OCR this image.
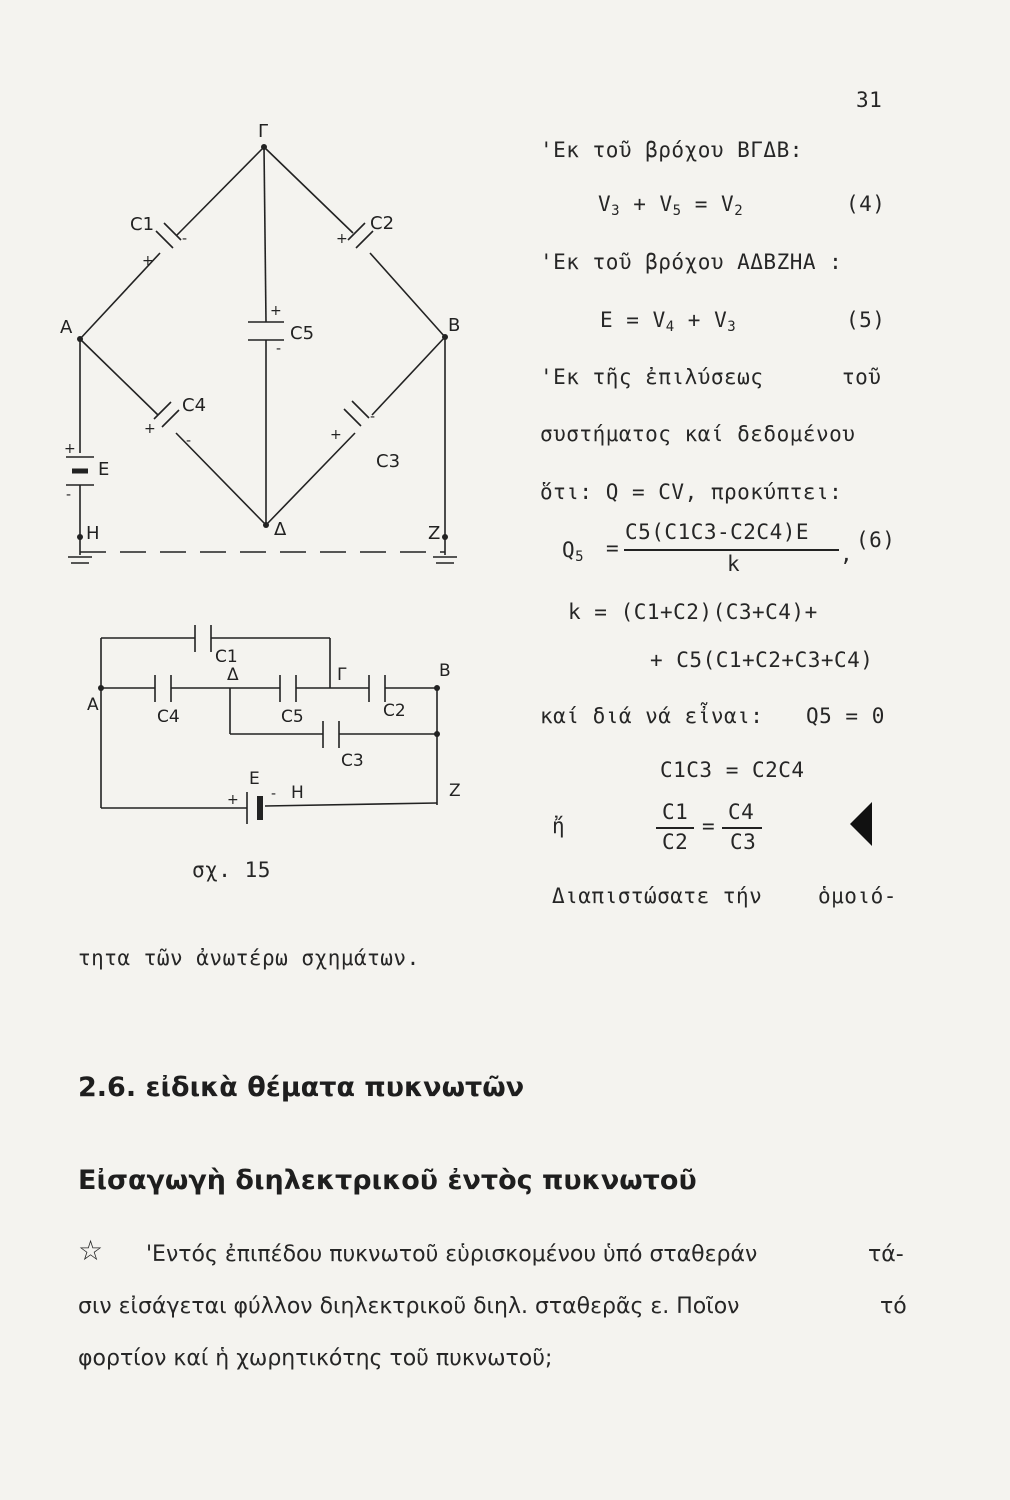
31
Γ
Α	Β
Δ
Ε
Η	Ζ
C1	C2
C5
C4
C3
+
-	+
+
-
+
-	+
-
+
-
A
B
Δ	Γ
E
H	Z
C1
C4	C5	C2
C3
+ -
σχ. 15
'Εκ τοῦ βρόχου ΒΓΔΒ:
$V_3 + V_5 = V_2$	(4)
'Εκ τοῦ βρόχου ΑΔΒΖΗΑ :
$E = V_4 + V_3$	(5)
'Εκ τῆς ἐπιλύσεως	τοῦ
συστήματος καί δεδομένου
ὅτι: Q = CV, προκύπτει:
$Q_5$ =
C5(C1C3-C2C4)E
k	,
(6)
k = (C1+C2)(C3+C4)+
+ C5(C1+C2+C3+C4)
καί διά νά εἶναι: Q5 = 0
C1C3 = C2C4
ἤ
C1
C2
=
C4
C3
Διαπιστώσατε τήν	ὁμοιό-
τητα τῶν ἀνωτέρω σχημάτων.
2.6. εἰδικὰ θέματα πυκνωτῶν
Εἰσαγωγὴ διηλεκτρικοῦ ἐντὸς πυκνωτοῦ
☆ 'Εντός ἐπιπέδου πυκνωτοῦ εὑρισκομένου ὑπό σταθεράν	τά-
σιν εἰσάγεται φύλλον διηλεκτρικοῦ διηλ. σταθερᾶς ε. Ποῖον	τό
φορτίον καί ἡ χωρητικότης τοῦ πυκνωτοῦ;
